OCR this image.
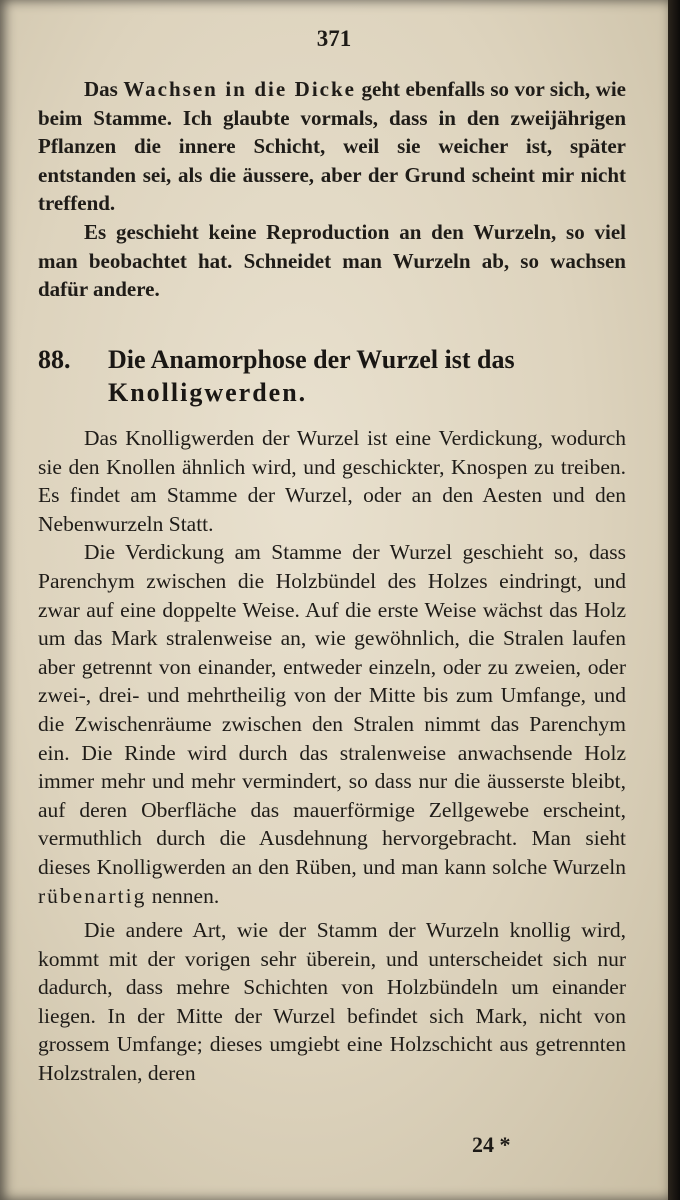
371

Das Wachsen in die Dicke geht ebenfalls so vor sich, wie beim Stamme. Ich glaubte vormals, dass in den zweijährigen Pflanzen die innere Schicht, weil sie weicher ist, später entstanden sei, als die äussere, aber der Grund scheint mir nicht treffend.

Es geschieht keine Reproduction an den Wurzeln, so viel man beobachtet hat. Schneidet man Wurzeln ab, so wachsen dafür andere.

88. Die Anamorphose der Wurzel ist das
Knolligwerden.

Das Knolligwerden der Wurzel ist eine Verdickung, wodurch sie den Knollen ähnlich wird, und geschickter, Knospen zu treiben. Es findet am Stamme der Wurzel, oder an den Aesten und den Nebenwurzeln Statt.

Die Verdickung am Stamme der Wurzel geschieht so, dass Parenchym zwischen die Holzbündel des Holzes eindringt, und zwar auf eine doppelte Weise. Auf die erste Weise wächst das Holz um das Mark stralenweise an, wie gewöhnlich, die Stralen laufen aber getrennt von einander, entweder einzeln, oder zu zweien, oder zwei-, drei- und mehrtheilig von der Mitte bis zum Umfange, und die Zwischenräume zwischen den Stralen nimmt das Parenchym ein. Die Rinde wird durch das stralenweise anwachsende Holz immer mehr und mehr vermindert, so dass nur die äusserste bleibt, auf deren Oberfläche das mauerförmige Zellgewebe erscheint, vermuthlich durch die Ausdehnung hervorgebracht. Man sieht dieses Knolligwerden an den Rüben, und man kann solche Wurzeln rübenartig nennen.

Die andere Art, wie der Stamm der Wurzeln knollig wird, kommt mit der vorigen sehr überein, und unterscheidet sich nur dadurch, dass mehre Schichten von Holzbündeln um einander liegen. In der Mitte der Wurzel befindet sich Mark, nicht von grossem Umfange; dieses umgiebt eine Holzschicht aus getrennten Holzstralen, deren

24 *
